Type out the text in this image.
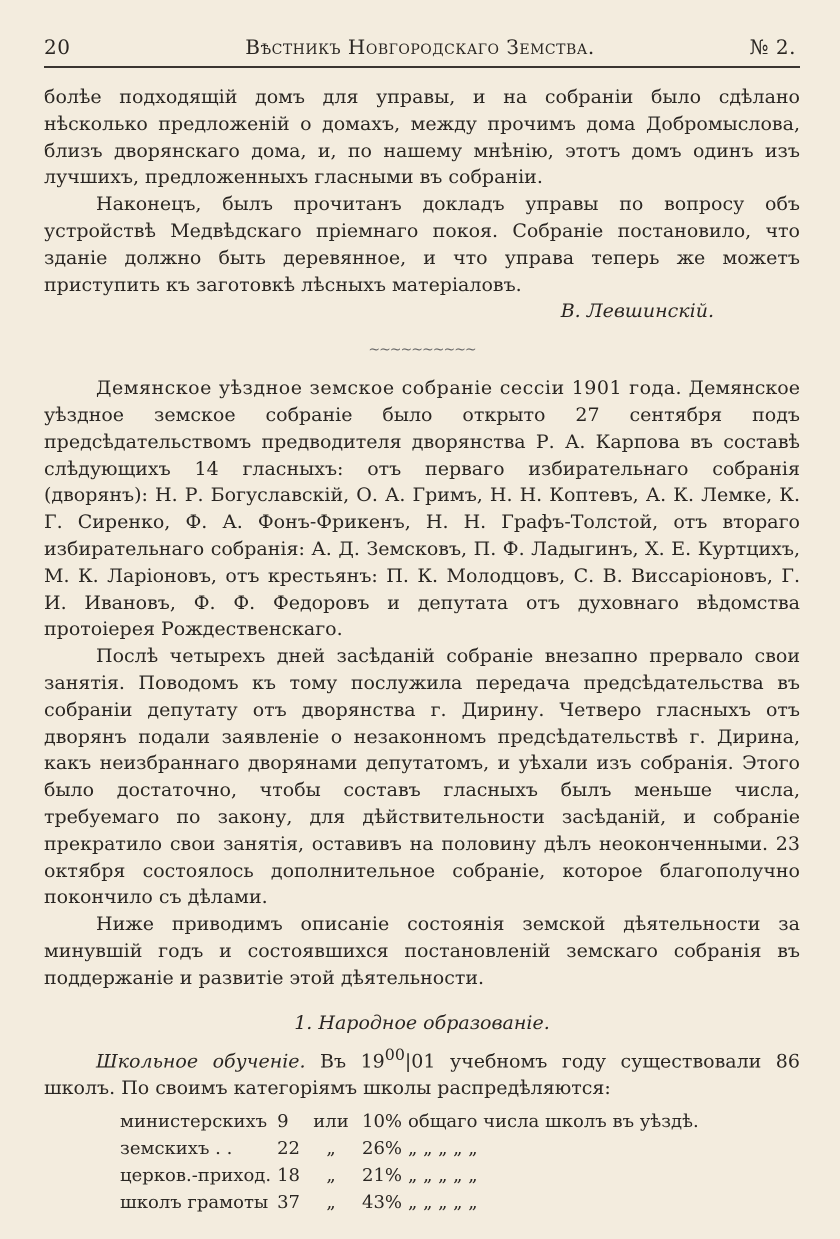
20	Вѣстникъ Новгородскаго Земства.	№ 2.

болѣе подходящій домъ для управы, и на собраніи было сдѣлано нѣсколько предложеній о домахъ, между прочимъ дома Добромыслова, близъ дворянскаго дома, и, по нашему мнѣнію, этотъ домъ одинъ изъ лучшихъ, предложенныхъ гласными въ собраніи.

Наконецъ, былъ прочитанъ докладъ управы по вопросу объ устройствѣ Медвѣдскаго пріемнаго покоя. Собраніе постановило, что зданіе должно быть деревянное, и что управа теперь же можетъ приступить къ заготовкѣ лѣсныхъ матеріаловъ.

В. Левшинскій.

~~~~~~~~~~

Демянское уѣздное земское собраніе сессіи 1901 года. Демянское уѣздное земское собраніе было открыто 27 сентября подъ предсѣдательствомъ предводителя дворянства Р. А. Карпова въ составѣ слѣдующихъ 14 гласныхъ: отъ перваго избирательнаго собранія (дворянъ): Н. Р. Богуславскій, О. А. Гримъ, Н. Н. Коптевъ, А. К. Лемке, К. Г. Сиренко, Ф. А. Фонъ-Фрикенъ, Н. Н. Графъ-Толстой, отъ втораго избирательнаго собранія: А. Д. Земсковъ, П. Ф. Ладыгинъ, Х. Е. Куртцихъ, М. К. Ларіоновъ, отъ крестьянъ: П. К. Молодцовъ, С. В. Виссаріоновъ, Г. И. Ивановъ, Ф. Ф. Федоровъ и депутата отъ духовнаго вѣдомства протоіерея Рождественскаго.

Послѣ четырехъ дней засѣданій собраніе внезапно прервало свои занятія. Поводомъ къ тому послужила передача предсѣдательства въ собраніи депутату отъ дворянства г. Дирину. Четверо гласныхъ отъ дворянъ подали заявленіе о незаконномъ предсѣдательствѣ г. Дирина, какъ неизбраннаго дворянами депутатомъ, и уѣхали изъ собранія. Этого было достаточно, чтобы составъ гласныхъ былъ меньше числа, требуемаго по закону, для дѣйствительности засѣданій, и собраніе прекратило свои занятія, оставивъ на половину дѣлъ неоконченными. 23 октября состоялось дополнительное собраніе, которое благополучно покончило съ дѣлами.

Ниже приводимъ описаніе состоянія земской дѣятельности за минувшій годъ и состоявшихся постановленій земскаго собранія въ поддержаніе и развитіе этой дѣятельности.

1. Народное образованіе.

Школьное обученіе. Въ $19^{00}|01$ учебномъ году существовали 86 школъ. По своимъ категоріямъ школы распредѣляются:

министерскихъ	9	или	10%	общаго числа школъ въ уѣздѣ.
земскихъ . .	22	„	26%	„ „ „ „ „
церков.-приход.	18	„	21%	„ „ „ „ „
школъ грамоты	37	„	43%	„ „ „ „ „
